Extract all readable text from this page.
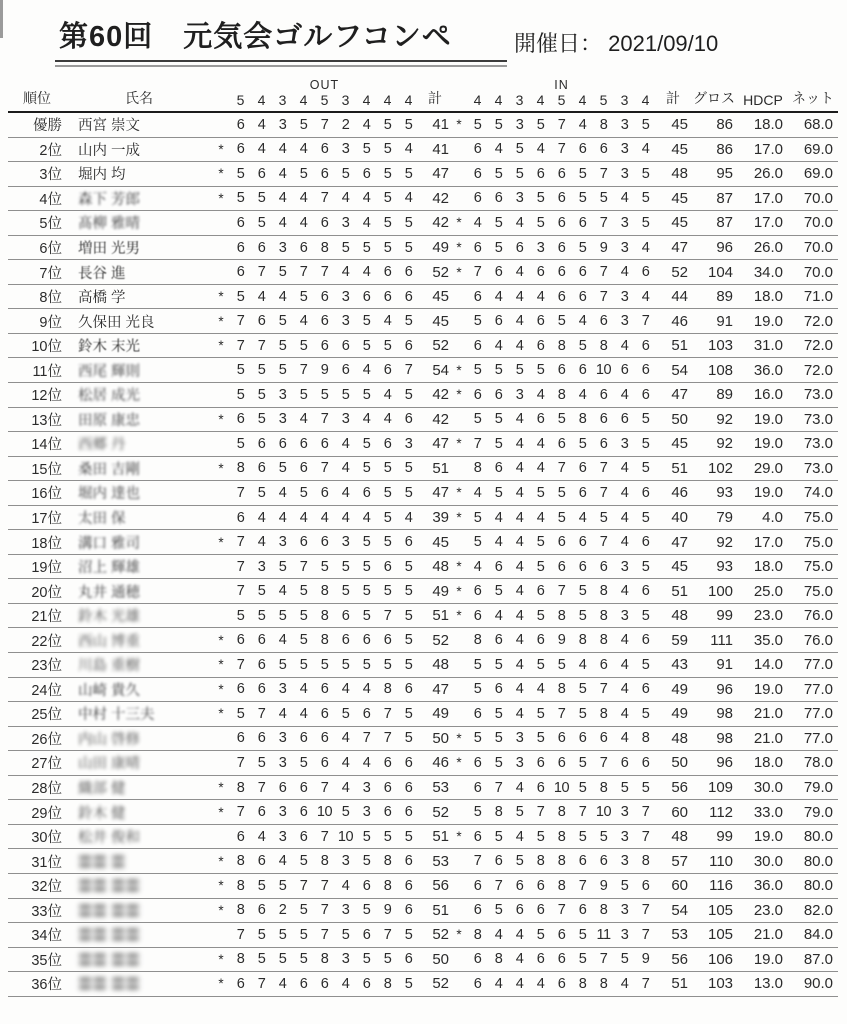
第60回　元気会ゴルフコンペ	開催日： 2021/09/10
順位	氏名		OUT									計		IN									計	グロス	HDCP	ネット
			5	4	3	4	5	3	4	4	4			4	4	3	4	5	4	5	3	4				
優勝	西宮 崇文		6	4	3	5	7	2	4	5	5	41	*	5	5	3	5	7	4	8	3	5	45	86	18.0	68.0
2位	山内 一成	*	6	4	4	4	6	3	5	5	4	41		6	4	5	4	7	6	6	3	4	45	86	17.0	69.0
3位	堀内 均	*	5	6	4	5	6	5	6	5	5	47		6	5	5	6	6	5	7	3	5	48	95	26.0	69.0
4位	森下 芳郎	*	5	5	4	4	7	4	4	5	4	42		6	6	3	5	6	5	5	4	5	45	87	17.0	70.0
5位	髙柳 雅晴		6	5	4	4	6	3	4	5	5	42	*	4	5	4	5	6	6	7	3	5	45	87	17.0	70.0
6位	増田 光男		6	6	3	6	8	5	5	5	5	49	*	6	5	6	3	6	5	9	3	4	47	96	26.0	70.0
7位	長谷 進		6	7	5	7	7	4	4	6	6	52	*	7	6	4	6	6	6	7	4	6	52	104	34.0	70.0
8位	高橋 学	*	5	4	4	5	6	3	6	6	6	45		6	4	4	4	6	6	7	3	4	44	89	18.0	71.0
9位	久保田 光良	*	7	6	5	4	6	3	5	4	5	45		5	6	4	6	5	4	6	3	7	46	91	19.0	72.0
10位	鈴木 末光	*	7	7	5	5	6	6	5	5	6	52		6	4	4	6	8	5	8	4	6	51	103	31.0	72.0
11位	西尾 輝則		5	5	5	7	9	6	4	6	7	54	*	5	5	5	5	6	6	10	6	6	54	108	36.0	72.0
12位	松居 成光		5	5	3	5	5	5	5	4	5	42	*	6	6	3	4	8	4	6	4	6	47	89	16.0	73.0
13位	田原 康忠	*	6	5	3	4	7	3	4	4	6	42		5	5	4	6	5	8	6	6	5	50	92	19.0	73.0
14位	西郷 丹		5	6	6	6	6	4	5	6	3	47	*	7	5	4	4	6	5	6	3	5	45	92	19.0	73.0
15位	桑田 吉剛	*	8	6	5	6	7	4	5	5	5	51		8	6	4	4	7	6	7	4	5	51	102	29.0	73.0
16位	堀内 達也		7	5	4	5	6	4	6	5	5	47	*	4	5	4	5	5	6	7	4	6	46	93	19.0	74.0
17位	太田 保		6	4	4	4	4	4	4	5	4	39	*	5	4	4	4	5	4	5	4	5	40	79	4.0	75.0
18位	溝口 雅司	*	7	4	3	6	6	3	5	5	6	45		5	4	4	5	6	6	7	4	6	47	92	17.0	75.0
19位	沼上 輝雄		7	3	5	7	5	5	5	6	5	48	*	4	6	4	5	6	6	6	3	5	45	93	18.0	75.0
20位	丸井 通穂		7	5	4	5	8	5	5	5	5	49	*	6	5	4	6	7	5	8	4	6	51	100	25.0	75.0
21位	鈴木 光雄		5	5	5	5	8	6	5	7	5	51	*	6	4	4	5	8	5	8	3	5	48	99	23.0	76.0
22位	西山 博重	*	6	6	4	5	8	6	6	6	5	52		8	6	4	6	9	8	8	4	6	59	111	35.0	76.0
23位	川島 重樹	*	7	6	5	5	5	5	5	5	5	48		5	5	4	5	5	4	6	4	5	43	91	14.0	77.0
24位	山崎 貴久	*	6	6	3	4	6	4	4	8	6	47		5	6	4	4	8	5	7	4	6	49	96	19.0	77.0
25位	中村 十三夫	*	5	7	4	4	6	5	6	7	5	49		6	5	4	5	7	5	8	4	5	49	98	21.0	77.0
26位	内山 啓修		6	6	3	6	6	4	7	7	5	50	*	5	5	3	5	6	6	6	4	8	48	98	21.0	77.0
27位	山田 康晴		7	5	3	5	6	4	4	6	6	46	*	6	5	3	6	6	5	7	6	6	50	96	18.0	78.0
28位	織部 健	*	8	7	6	6	7	4	3	6	6	53		6	7	4	6	10	5	8	5	5	56	109	30.0	79.0
29位	鈴木 健	*	7	6	3	6	10	5	3	6	6	52		5	8	5	7	8	7	10	3	7	60	112	33.0	79.0
30位	松井 俊和		6	4	3	6	7	10	5	5	5	51	*	6	5	4	5	8	5	5	3	7	48	99	19.0	80.0
31位	〓〓 〓	*	8	6	4	5	8	3	5	8	6	53		7	6	5	8	8	6	6	3	8	57	110	30.0	80.0
32位	〓〓 〓〓	*	8	5	5	7	7	4	6	8	6	56		6	7	6	6	8	7	9	5	6	60	116	36.0	80.0
33位	〓〓 〓〓	*	8	6	2	5	7	3	5	9	6	51		6	5	6	6	7	6	8	3	7	54	105	23.0	82.0
34位	〓〓 〓〓		7	5	5	5	7	5	6	7	5	52	*	8	4	4	5	6	5	11	3	7	53	105	21.0	84.0
35位	〓〓 〓〓	*	8	5	5	5	8	3	5	5	6	50		6	8	4	6	6	5	7	5	9	56	106	19.0	87.0
36位	〓〓 〓〓	*	6	7	4	6	6	4	6	8	5	52		6	4	4	4	6	8	8	4	7	51	103	13.0	90.0
